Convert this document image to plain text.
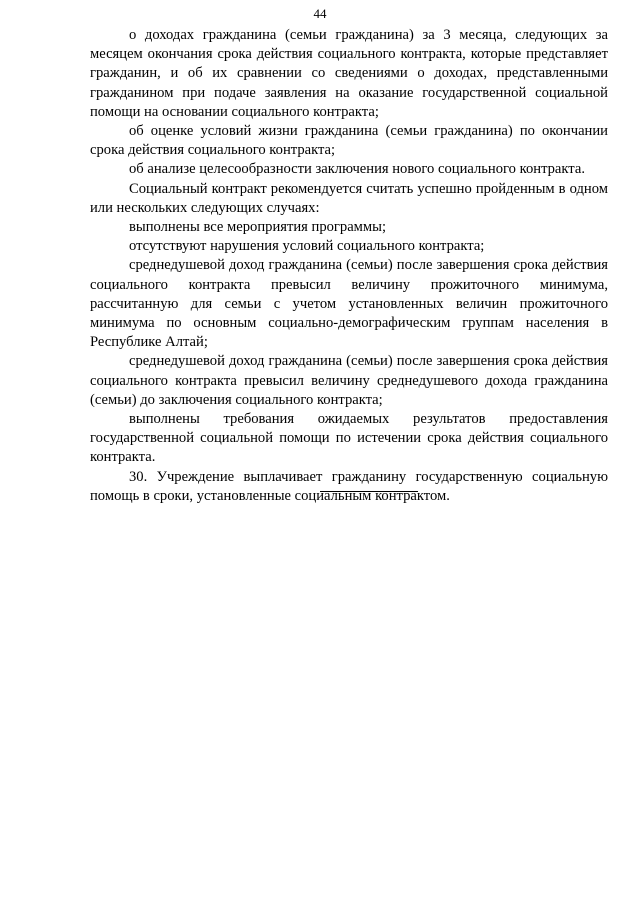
44

о доходах гражданина (семьи гражданина) за 3 месяца, следующих за месяцем окончания срока действия социального контракта, которые представляет гражданин, и об их сравнении со сведениями о доходах, представленными гражданином при подаче заявления на оказание государственной социальной помощи на основании социального контракта;

об оценке условий жизни гражданина (семьи гражданина) по окончании срока действия социального контракта;

об анализе целесообразности заключения нового социального контракта.

Социальный контракт рекомендуется считать успешно пройденным в одном или нескольких следующих случаях:

выполнены все мероприятия программы;

отсутствуют нарушения условий социального контракта;

среднедушевой доход гражданина (семьи) после завершения срока действия социального контракта превысил величину прожиточного минимума, рассчитанную для семьи с учетом установленных величин прожиточного минимума по основным социально-демографическим группам населения в Республике Алтай;

среднедушевой доход гражданина (семьи) после завершения срока действия социального контракта превысил величину среднедушевого дохода гражданина (семьи) до заключения социального контракта;

выполнены требования ожидаемых результатов предоставления государственной социальной помощи по истечении срока действия социального контракта.

30. Учреждение выплачивает гражданину государственную социальную помощь в сроки, установленные социальным контрактом.
